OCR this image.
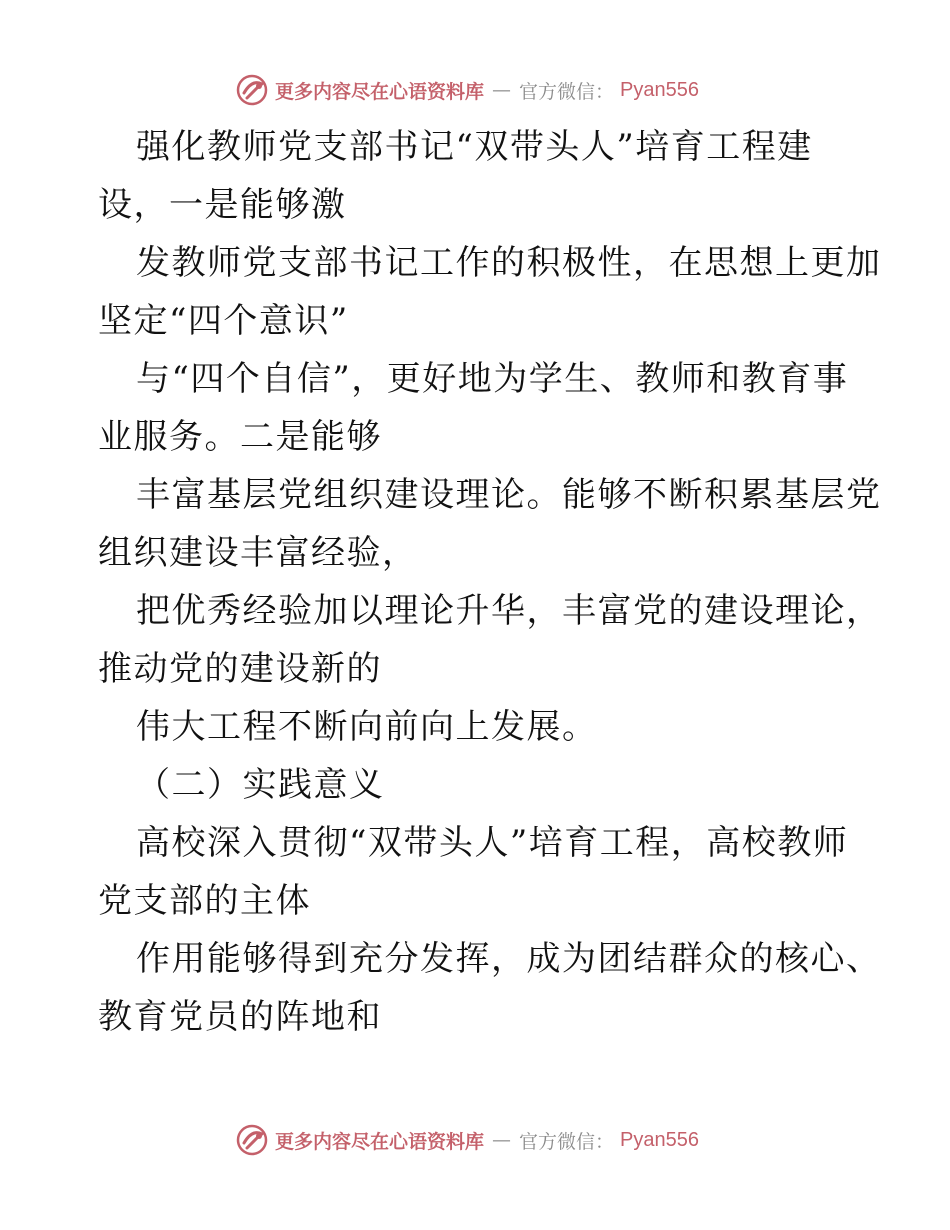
更多内容尽在心语资料库 — 官方微信： Pyan556
强化教师党支部书记“双带头人”培育工程建
设，一是能够激
发教师党支部书记工作的积极性，在思想上更加
坚定“四个意识”
与“四个自信”，更好地为学生、教师和教育事
业服务。二是能够
丰富基层党组织建设理论。能够不断积累基层党
组织建设丰富经验，
把优秀经验加以理论升华，丰富党的建设理论，
推动党的建设新的
伟大工程不断向前向上发展。
（二）实践意义
高校深入贯彻“双带头人”培育工程，高校教师
党支部的主体
作用能够得到充分发挥，成为团结群众的核心、
教育党员的阵地和
更多内容尽在心语资料库 — 官方微信： Pyan556
